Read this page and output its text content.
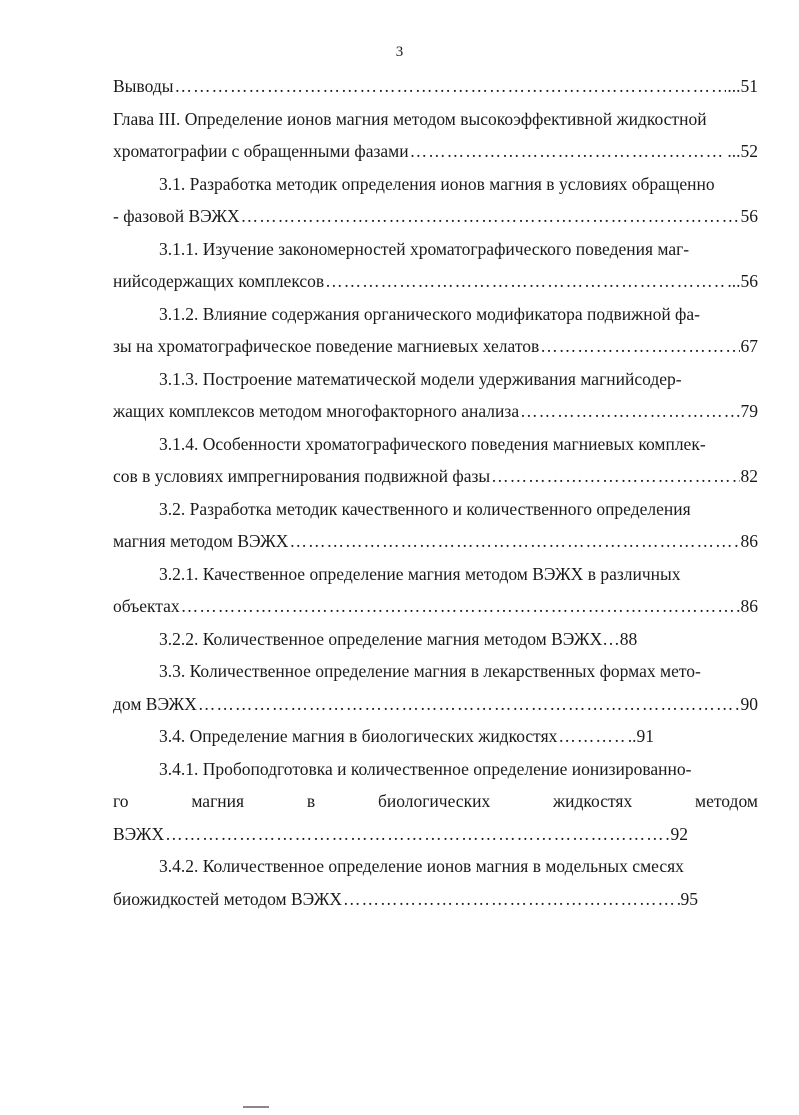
3
Выводы ……………………………………………………………………………………………………………………………………………………………………	...51
Глава III. Определение ионов магния методом высокоэффективной жидкостной
хроматографии с обращенными фазами ……………………………………………………………………………………………………………………………………………………………………	...52
3.1. Разработка методик определения ионов магния в условиях обращенно
- фазовой ВЭЖХ ……………………………………………………………………………………………………………………………………………………………………	56
3.1.1. Изучение закономерностей хроматографического поведения маг-
нийсодержащих комплексов ……………………………………………………………………………………………………………………………………………………………………	...56
3.1.2. Влияние содержания органического модификатора подвижной фа-
зы на хроматографическое поведение магниевых хелатов ……………………………………………………………………………………………………………………………………………………………………	67
3.1.3. Построение математической модели удерживания магнийсодер-
жащих комплексов методом многофакторного анализа ……………………………………………………………………………………………………………………………………………………………………	79
3.1.4. Особенности хроматографического поведения магниевых комплек-
сов в условиях импрегнирования подвижной фазы ……………………………………………………………………………………………………………………………………………………………………	82
3.2. Разработка методик качественного и количественного определения
магния методом ВЭЖХ ……………………………………………………………………………………………………………………………………………………………………	86
3.2.1. Качественное определение магния методом ВЭЖХ в различных
объектах ……………………………………………………………………………………………………………………………………………………………………	.86
3.2.2. Количественное определение магния методом ВЭЖХ …88
3.3. Количественное определение магния в лекарственных формах мето-
дом ВЭЖХ ……………………………………………………………………………………………………………………………………………………………………	90
3.4. Определение магния в биологических жидкостях ……………………………………………………………………………………………………………………………………………………………………	..91
3.4.1. Пробоподготовка и количественное определение ионизированно-
го	магния	в	биологических	жидкостях	методом
ВЭЖХ ……………………………………………………………………………………………………………………………………………………………………	92
3.4.2. Количественное определение ионов магния в модельных смесях
биожидкостей методом ВЭЖХ ……………………………………………………………………………………………………………………………………………………………………	95
